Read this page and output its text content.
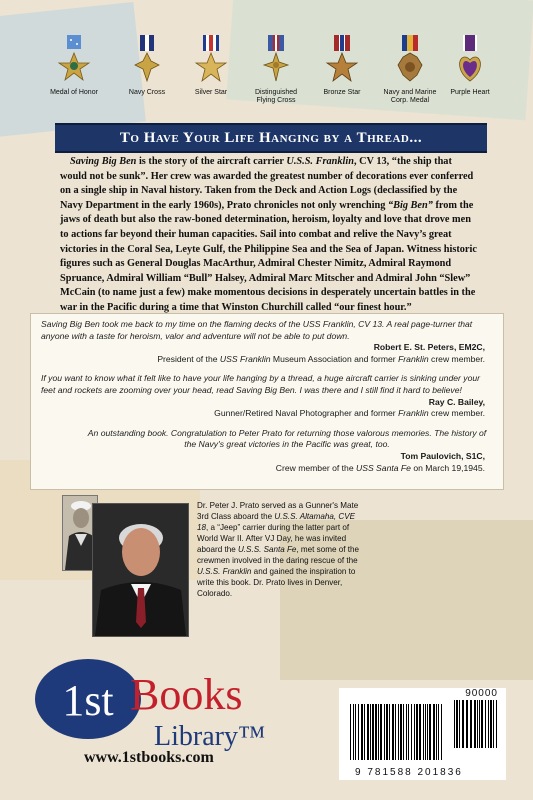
Medal of Honor	Navy Cross	Silver Star	Distinguished
Flying Cross
Bronze Star	Navy and Marine
Corp. Medal
Purple Heart
To Have Your Life Hanging by a Thread...

Saving Big Ben is the story of the aircraft carrier U.S.S. Franklin, CV 13, “the ship that would not be sunk”. Her crew was awarded the greatest number of decorations ever conferred on a single ship in Naval history. Taken from the Deck and Action Logs (declassified by the Navy Department in the early 1960s), Prato chronicles not only wrenching “Big Ben” from the jaws of death but also the raw-boned determination, heroism, loyalty and love that drove men to actions far beyond their human capacities. Sail into combat and relive the Navy’s great victories in the Coral Sea, Leyte Gulf, the Philippine Sea and the Sea of Japan. Witness historic figures such as General Douglas MacArthur, Admiral Chester Nimitz, Admiral Raymond Spruance, Admiral William “Bull” Halsey, Admiral Marc Mitscher and Admiral John “Slew” McCain (to name just a few) make momentous decisions in desperately uncertain battles in the war in the Pacific during a time that Winston Churchill called “our finest hour.”

Saving Big Ben took me back to my time on the flaming decks of the USS Franklin, CV 13. A real page-turner that anyone with a taste for heroism, valor and adventure will not be able to put down.

Robert E. St. Peters, EM2C,

President of the USS Franklin Museum Association and former Franklin crew member.

If you want to know what it felt like to have your life hanging by a thread, a huge aircraft carrier is sinking under your feet and rockets are zooming over your head, read Saving Big Ben. I was there and I still find it hard to believe!

Ray C. Bailey,

Gunner/Retired Naval Photographer and former Franklin crew member.

An outstanding book. Congratulation to Peter Prato for returning those valorous memories. The history of the Navy's great victories in the Pacific was great, too.

Tom Paulovich, S1C,

Crew member of the USS Santa Fe on March 19,1945.

Dr. Peter J. Prato served as a Gunner's Mate 3rd Class aboard the U.S.S. Altamaha, CVE 18, a “Jeep” carrier during the latter part of World War II. After VJ Day, he was invited aboard the U.S.S. Santa Fe, met some of the crewmen involved in the daring rescue of the U.S.S. Franklin and gained the inspiration to write this book. Dr. Prato lives in Denver, Colorado.

1st Books
Library™
www.1stbooks.com
90000
9 781588 201836
